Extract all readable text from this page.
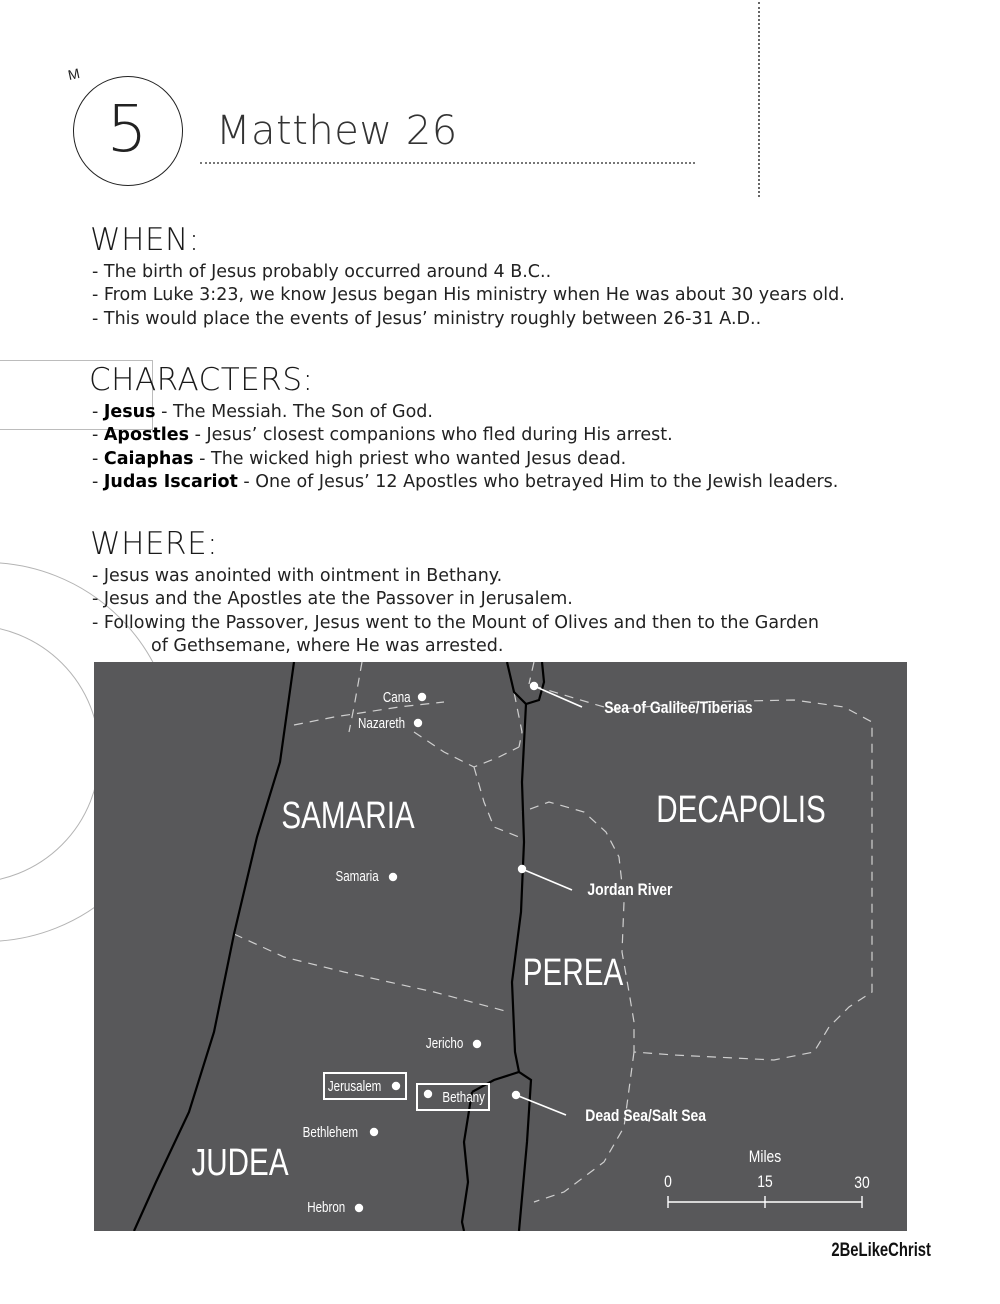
M
5	Matthew 26
WHEN:
- The birth of Jesus probably occurred around 4 B.C..
- From Luke 3:23, we know Jesus began His ministry when He was about 30 years old.
- This would place the events of Jesus’ ministry roughly between 26-31 A.D..
CHARACTERS:
- Jesus - The Messiah. The Son of God.
- Apostles - Jesus’ closest companions who fled during His arrest.
- Caiaphas - The wicked high priest who wanted Jesus dead.
- Judas Iscariot - One of Jesus’ 12 Apostles who betrayed Him to the Jewish leaders.
WHERE:
- Jesus was anointed with ointment in Bethany.
- Jesus and the Apostles ate the Passover in Jerusalem.
- Following the Passover, Jesus went to the Mount of Olives and then to the Garden
of Gethsemane, where He was arrested.
SAMARIA	DECAPOLIS
PEREA
JUDEA
Cana
Nazareth
Samaria
Jericho
Jerusalem
Bethany
Bethlehem
Hebron
Sea of Galilee/Tiberias
Jordan River
Dead Sea/Salt Sea
Miles
0	15	30
2BeLikeChrist
